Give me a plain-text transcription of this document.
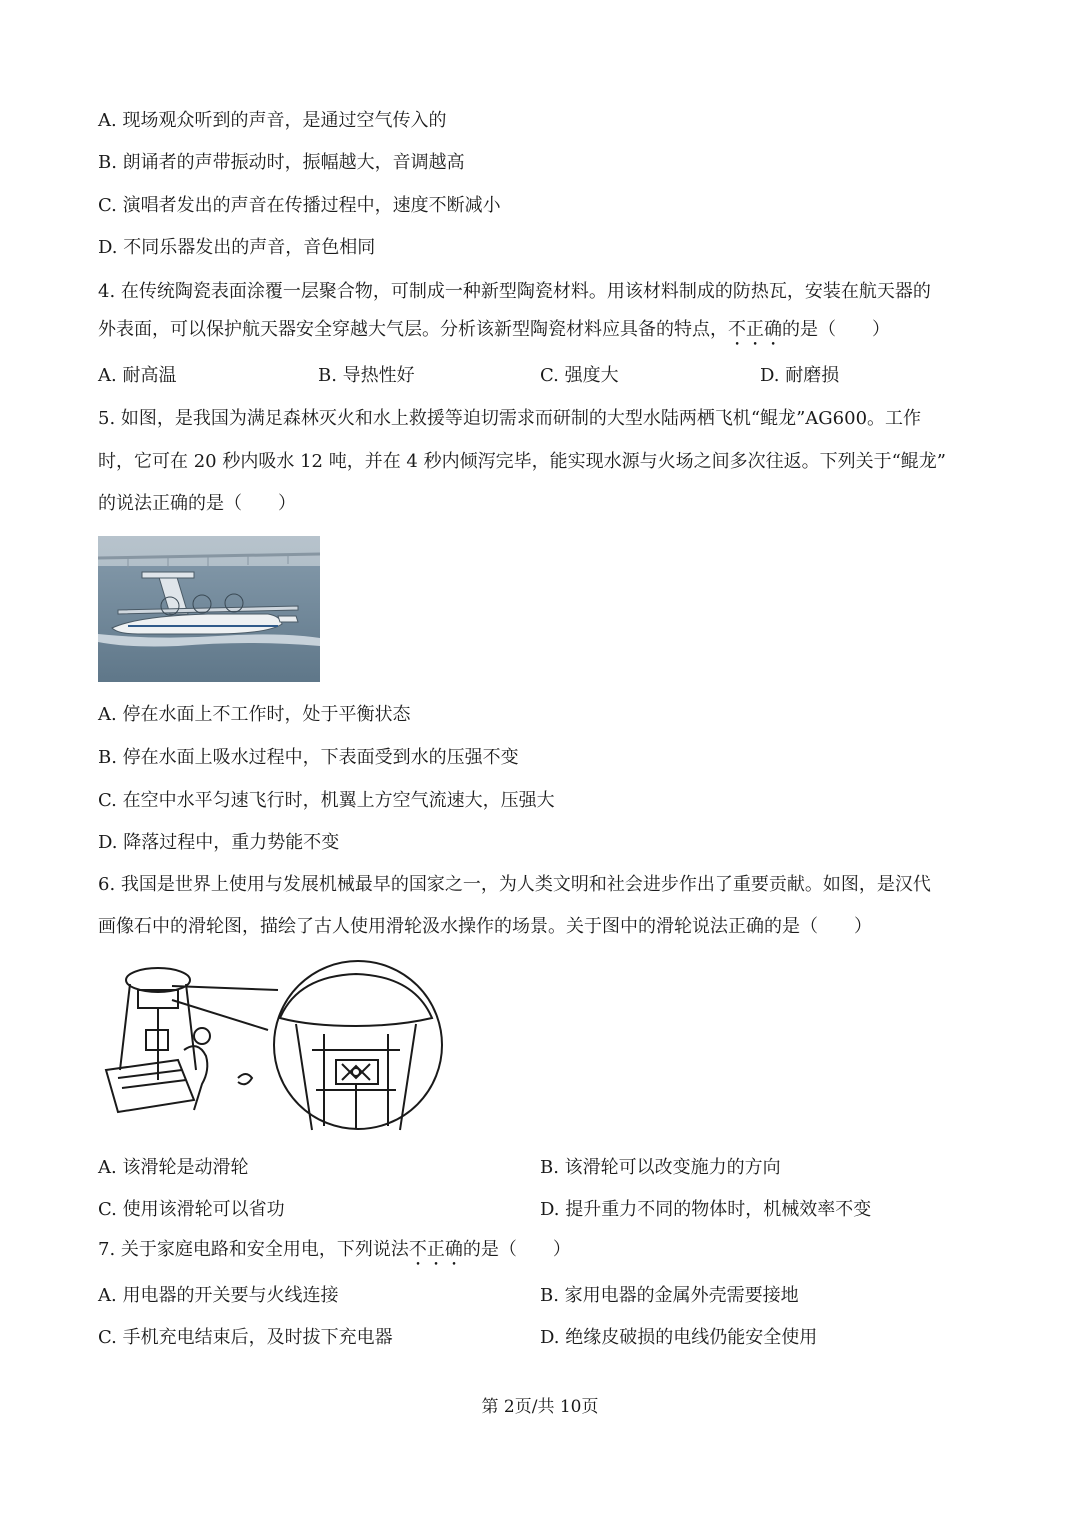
A. 现场观众听到的声音，是通过空气传入的
B. 朗诵者的声带振动时，振幅越大，音调越高
C. 演唱者发出的声音在传播过程中，速度不断减小
D. 不同乐器发出的声音，音色相同
4. 在传统陶瓷表面涂覆一层聚合物，可制成一种新型陶瓷材料。用该材料制成的防热瓦，安装在航天器的
外表面，可以保护航天器安全穿越大气层。分析该新型陶瓷材料应具备的特点，不正确的是（　　）
A. 耐高温	B. 导热性好	C. 强度大	D. 耐磨损
5. 如图，是我国为满足森林灭火和水上救援等迫切需求而研制的大型水陆两栖飞机“鲲龙”AG600。工作
时，它可在 20 秒内吸水 12 吨，并在 4 秒内倾泻完毕，能实现水源与火场之间多次往返。下列关于“鲲龙”
的说法正确的是（　　）
A. 停在水面上不工作时，处于平衡状态
B. 停在水面上吸水过程中，下表面受到水的压强不变
C. 在空中水平匀速飞行时，机翼上方空气流速大，压强大
D. 降落过程中，重力势能不变
6. 我国是世界上使用与发展机械最早的国家之一，为人类文明和社会进步作出了重要贡献。如图，是汉代
画像石中的滑轮图，描绘了古人使用滑轮汲水操作的场景。关于图中的滑轮说法正确的是（　　）
A. 该滑轮是动滑轮	B. 该滑轮可以改变施力的方向
C. 使用该滑轮可以省功	D. 提升重力不同的物体时，机械效率不变
7. 关于家庭电路和安全用电，下列说法不正确的是（　　）
A. 用电器的开关要与火线连接	B. 家用电器的金属外壳需要接地
C. 手机充电结束后，及时拔下充电器	D. 绝缘皮破损的电线仍能安全使用
第 2页/共 10页
